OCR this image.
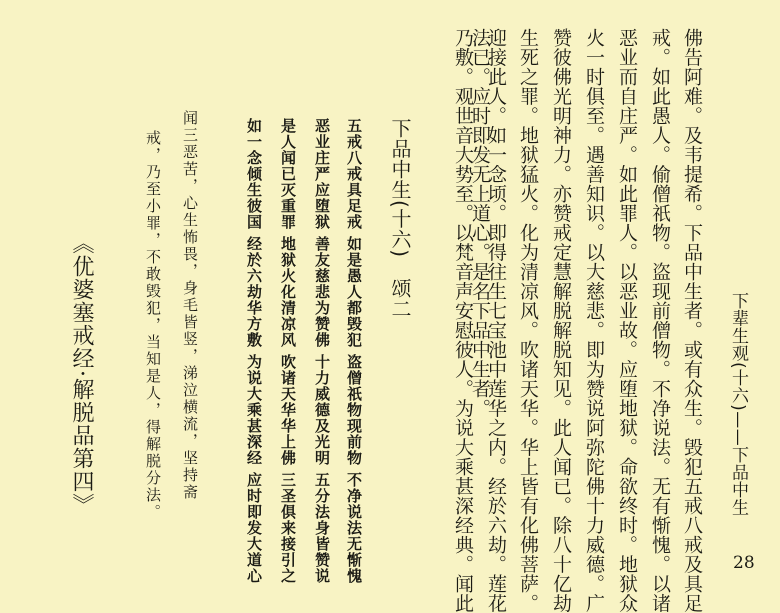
28
下辈生观(十六)——下品中生
佛告阿难。及韦提希。下品中生者。或有众生。毁犯五戒八戒及具足
戒。如此愚人。偷僧祇物。盗现前僧物。不净说法。无有惭愧。以诸
恶业而自庄严。如此罪人。以恶业故。应堕地狱。命欲终时。地狱众
火一时俱至。遇善知识。以大慈悲。即为赞说阿弥陀佛十力威德。广
赞彼佛光明神力。亦赞戒定慧解脱解脱知见。此人闻已。除八十亿劫
生死之罪。地狱猛火。化为清凉风。吹诸天华。华上皆有化佛菩萨。
迎接此人。如一念顷。即得往生七宝池中莲华之内。经於六劫。莲花
乃敷。观世音大势至。以梵音声安慰彼人。为说大乘甚深经典。闻此
法已。应时即发无上道心。是名下品中生者。
下品中生(十六)　颂二
五戒八戒具足戒
如是愚人都毁犯
盗僧祇物现前物
不净说法无惭愧
恶业庄严应堕狱
善友慈悲为赞佛
十力威德及光明
五分法身皆赞说
是人闻已灭重罪
地狱火化清凉风
吹诸天华华上佛
三圣俱来接引之
如一念倾生彼国
经於六劫华方敷
为说大乘甚深经
应时即发大道心
闻三恶苦，心生怖畏，身毛皆竖，涕泣横流，坚持斋
戒，乃至小罪，不敢毁犯，当知是人，得解脱分法。
《优婆塞戒经·解脱品第四》
